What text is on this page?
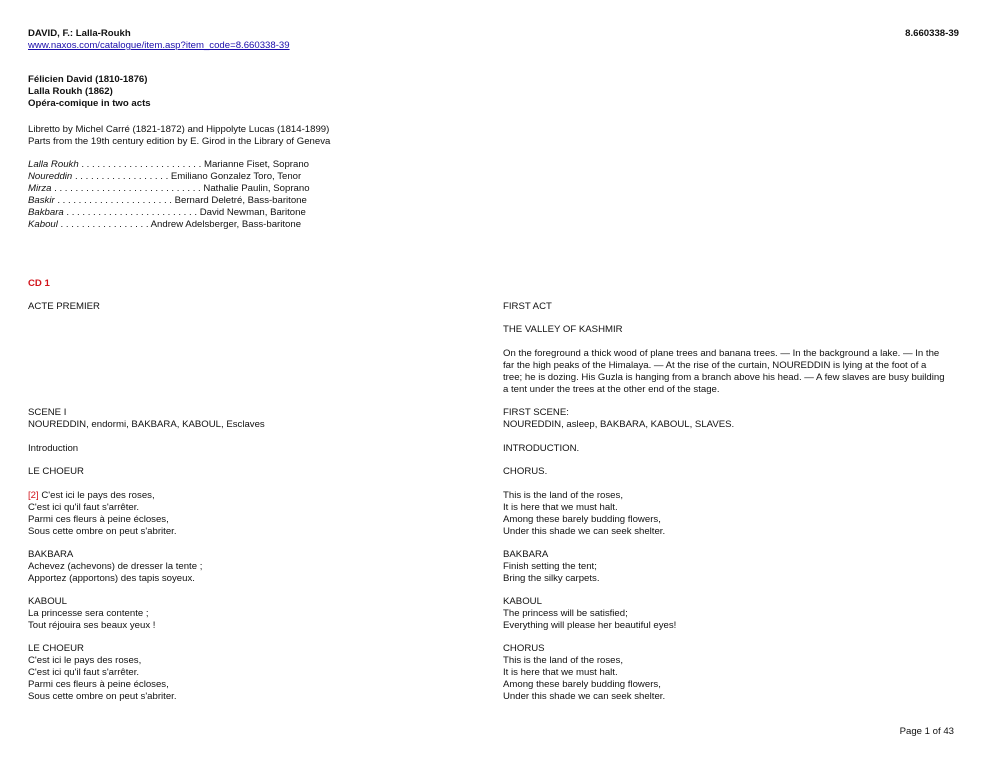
DAVID, F.: Lalla-Roukh
www.naxos.com/catalogue/item.asp?item_code=8.660338-39
8.660338-39
Félicien David (1810-1876)
Lalla Roukh (1862)
Opéra-comique in two acts
Libretto by Michel Carré (1821-1872) and Hippolyte Lucas (1814-1899)
Parts from the 19th century edition by E. Girod in the Library of Geneva
Lalla Roukh . . . . . . . . . . . . . . . . . . . . . . . Marianne Fiset, Soprano
Noureddin . . . . . . . . . . . . . . . . . . Emiliano Gonzalez Toro, Tenor
Mirza . . . . . . . . . . . . . . . . . . . . . . . . . . . . Nathalie Paulin, Soprano
Baskir . . . . . . . . . . . . . . . . . . . . . . Bernard Deletré, Bass-baritone
Bakbara . . . . . . . . . . . . . . . . . . . . . . . . . David Newman, Baritone
Kaboul . . . . . . . . . . . . . . . . . Andrew Adelsberger, Bass-baritone
CD 1
ACTE PREMIER
SCENE I
NOUREDDIN, endormi, BAKBARA, KABOUL, Esclaves
Introduction
LE CHOEUR
[2] C'est ici le pays des roses,
C'est ici qu'il faut s'arrêter.
Parmi ces fleurs à peine écloses,
Sous cette ombre on peut s'abriter.
BAKBARA
Achevez (achevons) de dresser la tente ;
Apportez (apportons) des tapis soyeux.
KABOUL
La princesse sera contente ;
Tout réjouira ses beaux yeux !
LE CHOEUR
C'est ici le pays des roses,
C'est ici qu'il faut s'arrêter.
Parmi ces fleurs à peine écloses,
Sous cette ombre on peut s'abriter.
FIRST ACT
THE VALLEY OF KASHMIR
On the foreground a thick wood of plane trees and banana trees. — In the background a lake. — In the
far the high peaks of the Himalaya. — At the rise of the curtain, NOUREDDIN is lying at the foot of a
tree; he is dozing. His Guzla is hanging from a branch above his head. — A few slaves are busy building
a tent under the trees at the other end of the stage.
FIRST SCENE:
NOUREDDIN, asleep, BAKBARA, KABOUL, SLAVES.
INTRODUCTION.
CHORUS.
This is the land of the roses,
It is here that we must halt.
Among these barely budding flowers,
Under this shade we can seek shelter.
BAKBARA
Finish setting the tent;
Bring the silky carpets.
KABOUL
The princess will be satisfied;
Everything will please her beautiful eyes!
CHORUS
This is the land of the roses,
It is here that we must halt.
Among these barely budding flowers,
Under this shade we can seek shelter.
Page 1 of 43
